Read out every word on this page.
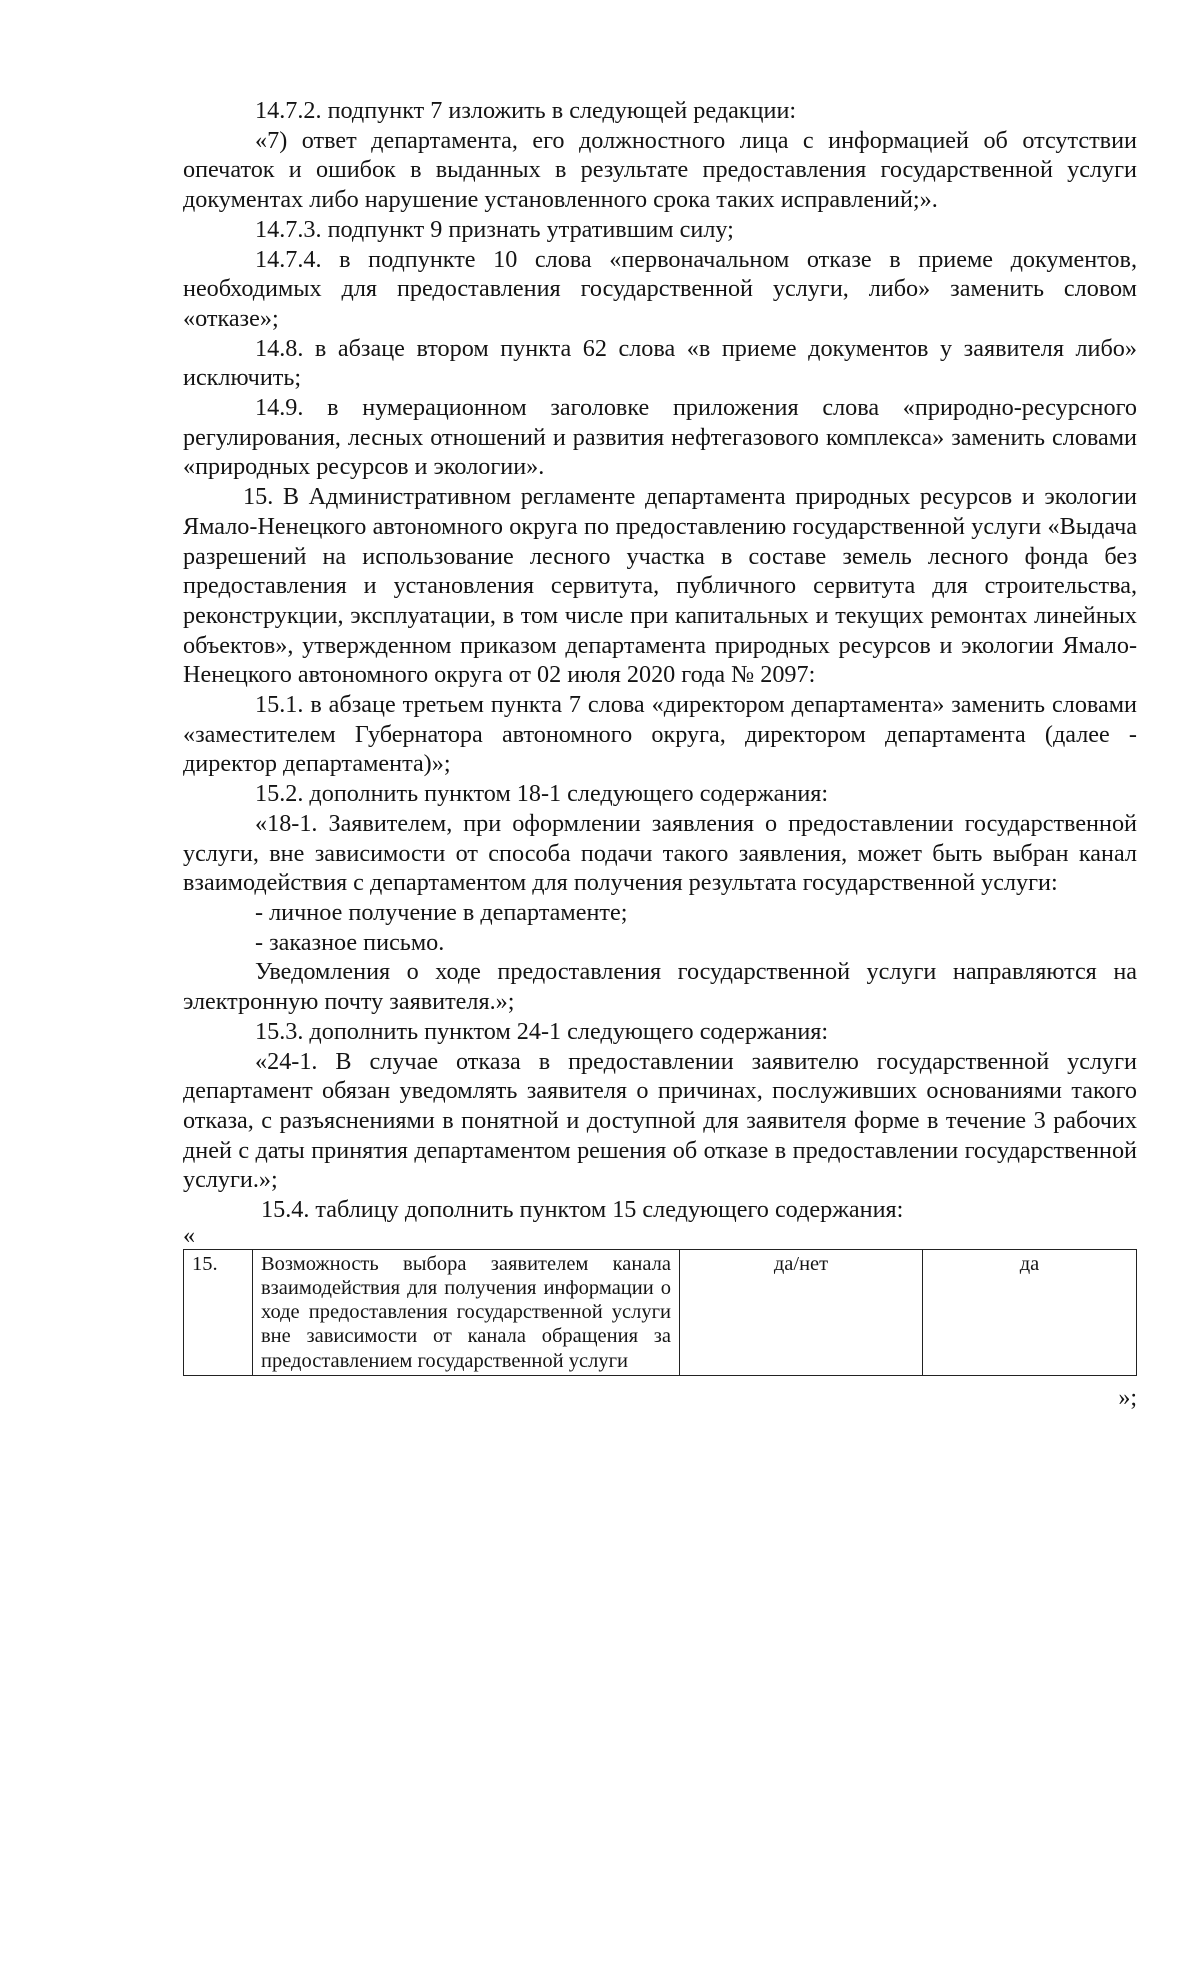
14.7.2. подпункт 7 изложить в следующей редакции:

«7) ответ департамента, его должностного лица с информацией об отсутствии опечаток и ошибок в выданных в результате предоставления государственной услуги документах либо нарушение установленного срока таких исправлений;».

14.7.3. подпункт 9 признать утратившим силу;

14.7.4. в подпункте 10 слова «первоначальном отказе в приеме документов, необходимых для предоставления государственной услуги, либо» заменить словом «отказе»;

14.8. в абзаце втором пункта 62 слова «в приеме документов у заявителя либо» исключить;

14.9. в нумерационном заголовке приложения слова «природно-ресурсного регулирования, лесных отношений и развития нефтегазового комплекса» заменить словами «природных ресурсов и экологии».

15. В Административном регламенте департамента природных ресурсов и экологии Ямало-Ненецкого автономного округа по предоставлению государственной услуги «Выдача разрешений на использование лесного участка в составе земель лесного фонда без предоставления и установления сервитута, публичного сервитута для строительства, реконструкции, эксплуатации, в том числе при капитальных и текущих ремонтах линейных объектов», утвержденном приказом департамента природных ресурсов и экологии Ямало-Ненецкого автономного округа от 02 июля 2020 года № 2097:

15.1. в абзаце третьем пункта 7 слова «директором департамента» заменить словами «заместителем Губернатора автономного округа, директором департамента (далее - директор департамента)»;

15.2. дополнить пунктом 18-1 следующего содержания:

«18-1. Заявителем, при оформлении заявления о предоставлении государственной услуги, вне зависимости от способа подачи такого заявления, может быть выбран канал взаимодействия с департаментом для получения результата государственной услуги:

- личное получение в департаменте;

- заказное письмо.

Уведомления о ходе предоставления государственной услуги направляются на электронную почту заявителя.»;

15.3. дополнить пунктом 24-1 следующего содержания:

«24-1. В случае отказа в предоставлении заявителю государственной услуги департамент обязан уведомлять заявителя о причинах, послуживших основаниями такого отказа, с разъяснениями в понятной и доступной для заявителя форме в течение 3 рабочих дней с даты принятия департаментом решения об отказе в предоставлении государственной услуги.»;

15.4. таблицу дополнить пунктом 15 следующего содержания:

«

15.	Возможность выбора заявителем канала взаимодействия для получения информации о ходе предоставления государственной услуги вне зависимости от канала обращения за предоставлением государственной услуги	да/нет	да
»;
